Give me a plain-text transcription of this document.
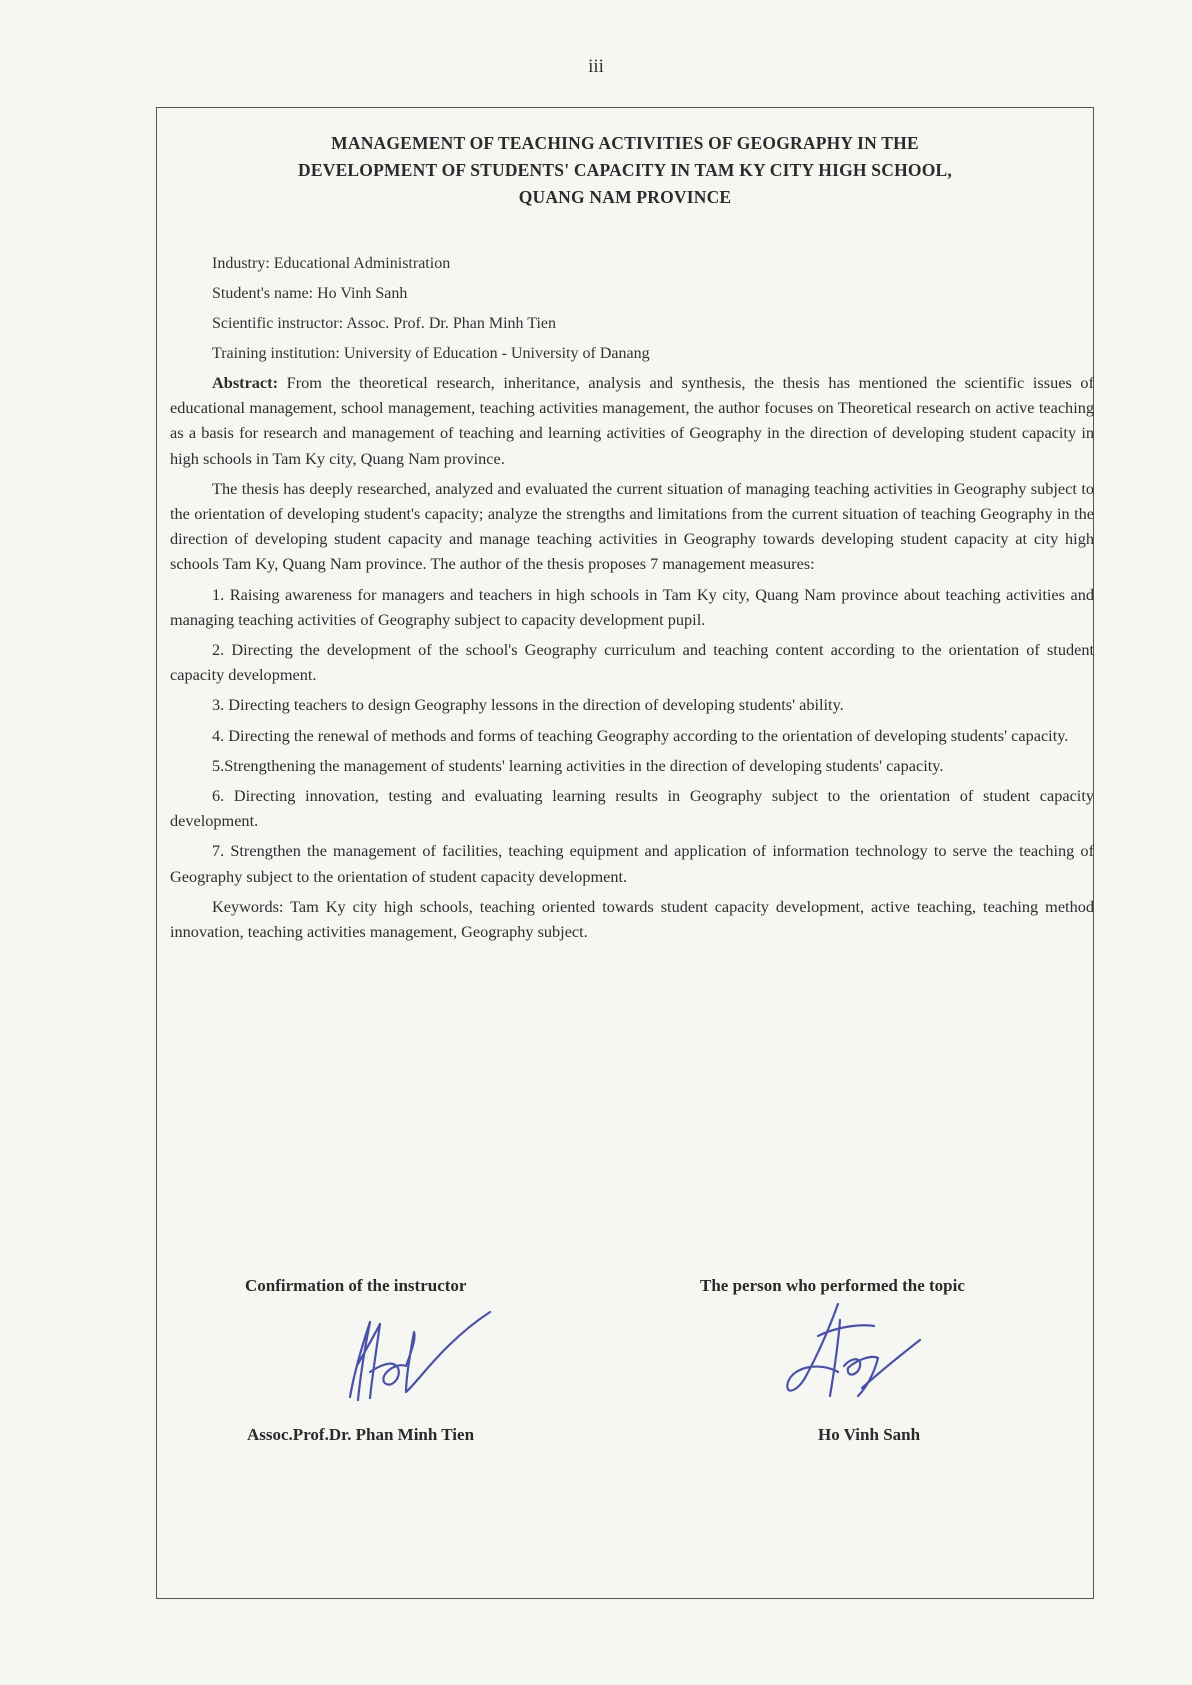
iii
MANAGEMENT OF TEACHING ACTIVITIES OF GEOGRAPHY IN THE
DEVELOPMENT OF STUDENTS' CAPACITY IN TAM KY CITY HIGH SCHOOL,
QUANG NAM PROVINCE
Industry: Educational Administration
Student's name: Ho Vinh Sanh
Scientific instructor: Assoc. Prof. Dr. Phan Minh Tien
Training institution: University of Education - University of Danang

Abstract: From the theoretical research, inheritance, analysis and synthesis, the thesis has mentioned the scientific issues of educational management, school management, teaching activities management, the author focuses on Theoretical research on active teaching as a basis for research and management of teaching and learning activities of Geography in the direction of developing student capacity in high schools in Tam Ky city, Quang Nam province.

The thesis has deeply researched, analyzed and evaluated the current situation of managing teaching activities in Geography subject to the orientation of developing student's capacity; analyze the strengths and limitations from the current situation of teaching Geography in the direction of developing student capacity and manage teaching activities in Geography towards developing student capacity at city high schools Tam Ky, Quang Nam province. The author of the thesis proposes 7 management measures:

1. Raising awareness for managers and teachers in high schools in Tam Ky city, Quang Nam province about teaching activities and managing teaching activities of Geography subject to capacity development pupil.

2. Directing the development of the school's Geography curriculum and teaching content according to the orientation of student capacity development.

3. Directing teachers to design Geography lessons in the direction of developing students' ability.

4. Directing the renewal of methods and forms of teaching Geography according to the orientation of developing students' capacity.

5.Strengthening the management of students' learning activities in the direction of developing students' capacity.

6. Directing innovation, testing and evaluating learning results in Geography subject to the orientation of student capacity development.

7. Strengthen the management of facilities, teaching equipment and application of information technology to serve the teaching of Geography subject to the orientation of student capacity development.

Keywords: Tam Ky city high schools, teaching oriented towards student capacity development, active teaching, teaching method innovation, teaching activities management, Geography subject.

Confirmation of the instructor	The person who performed the topic
Assoc.Prof.Dr. Phan Minh Tien	Ho Vinh Sanh
